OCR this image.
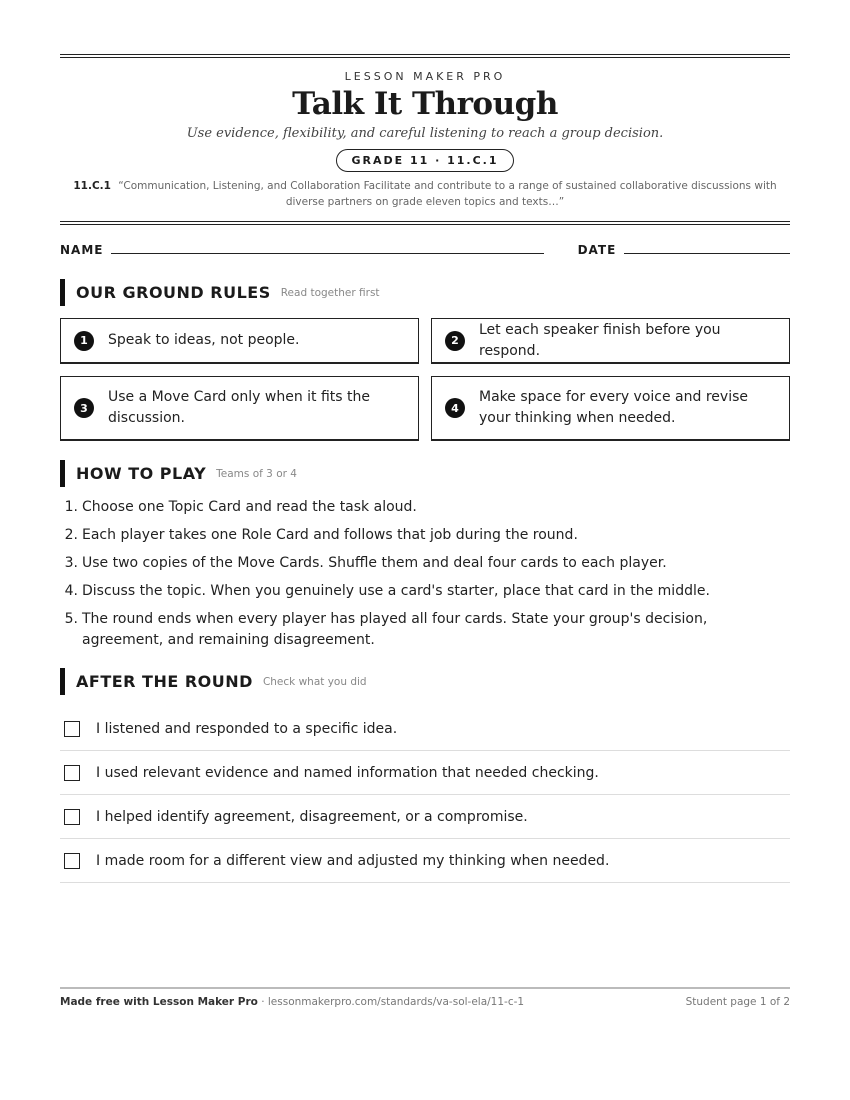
LESSON MAKER PRO
Talk It Through
Use evidence, flexibility, and careful listening to reach a group decision.
GRADE 11 · 11.C.1
11.C.1 “Communication, Listening, and Collaboration Facilitate and contribute to a range of sustained collaborative discussions with diverse partners on grade eleven topics and texts…”
NAME	DATE
OUR GROUND RULES Read together first
1	Speak to ideas, not people.	2
Let each speaker finish before you respond.
3
Use a Move Card only when it fits the discussion.
4
Make space for every voice and revise your thinking when needed.
HOW TO PLAY Teams of 3 or 4
1. Choose one Topic Card and read the task aloud.
2. Each player takes one Role Card and follows that job during the round.
3. Use two copies of the Move Cards. Shuffle them and deal four cards to each player.
4. Discuss the topic. When you genuinely use a card's starter, place that card in the middle.
5. The round ends when every player has played all four cards. State your group's decision, agreement, and remaining disagreement.
AFTER THE ROUND Check what you did
I listened and responded to a specific idea.
I used relevant evidence and named information that needed checking.
I helped identify agreement, disagreement, or a compromise.
I made room for a different view and adjusted my thinking when needed.
Made free with Lesson Maker Pro · lessonmakerpro.com/standards/va-sol-ela/11-c-1	Student page 1 of 2
